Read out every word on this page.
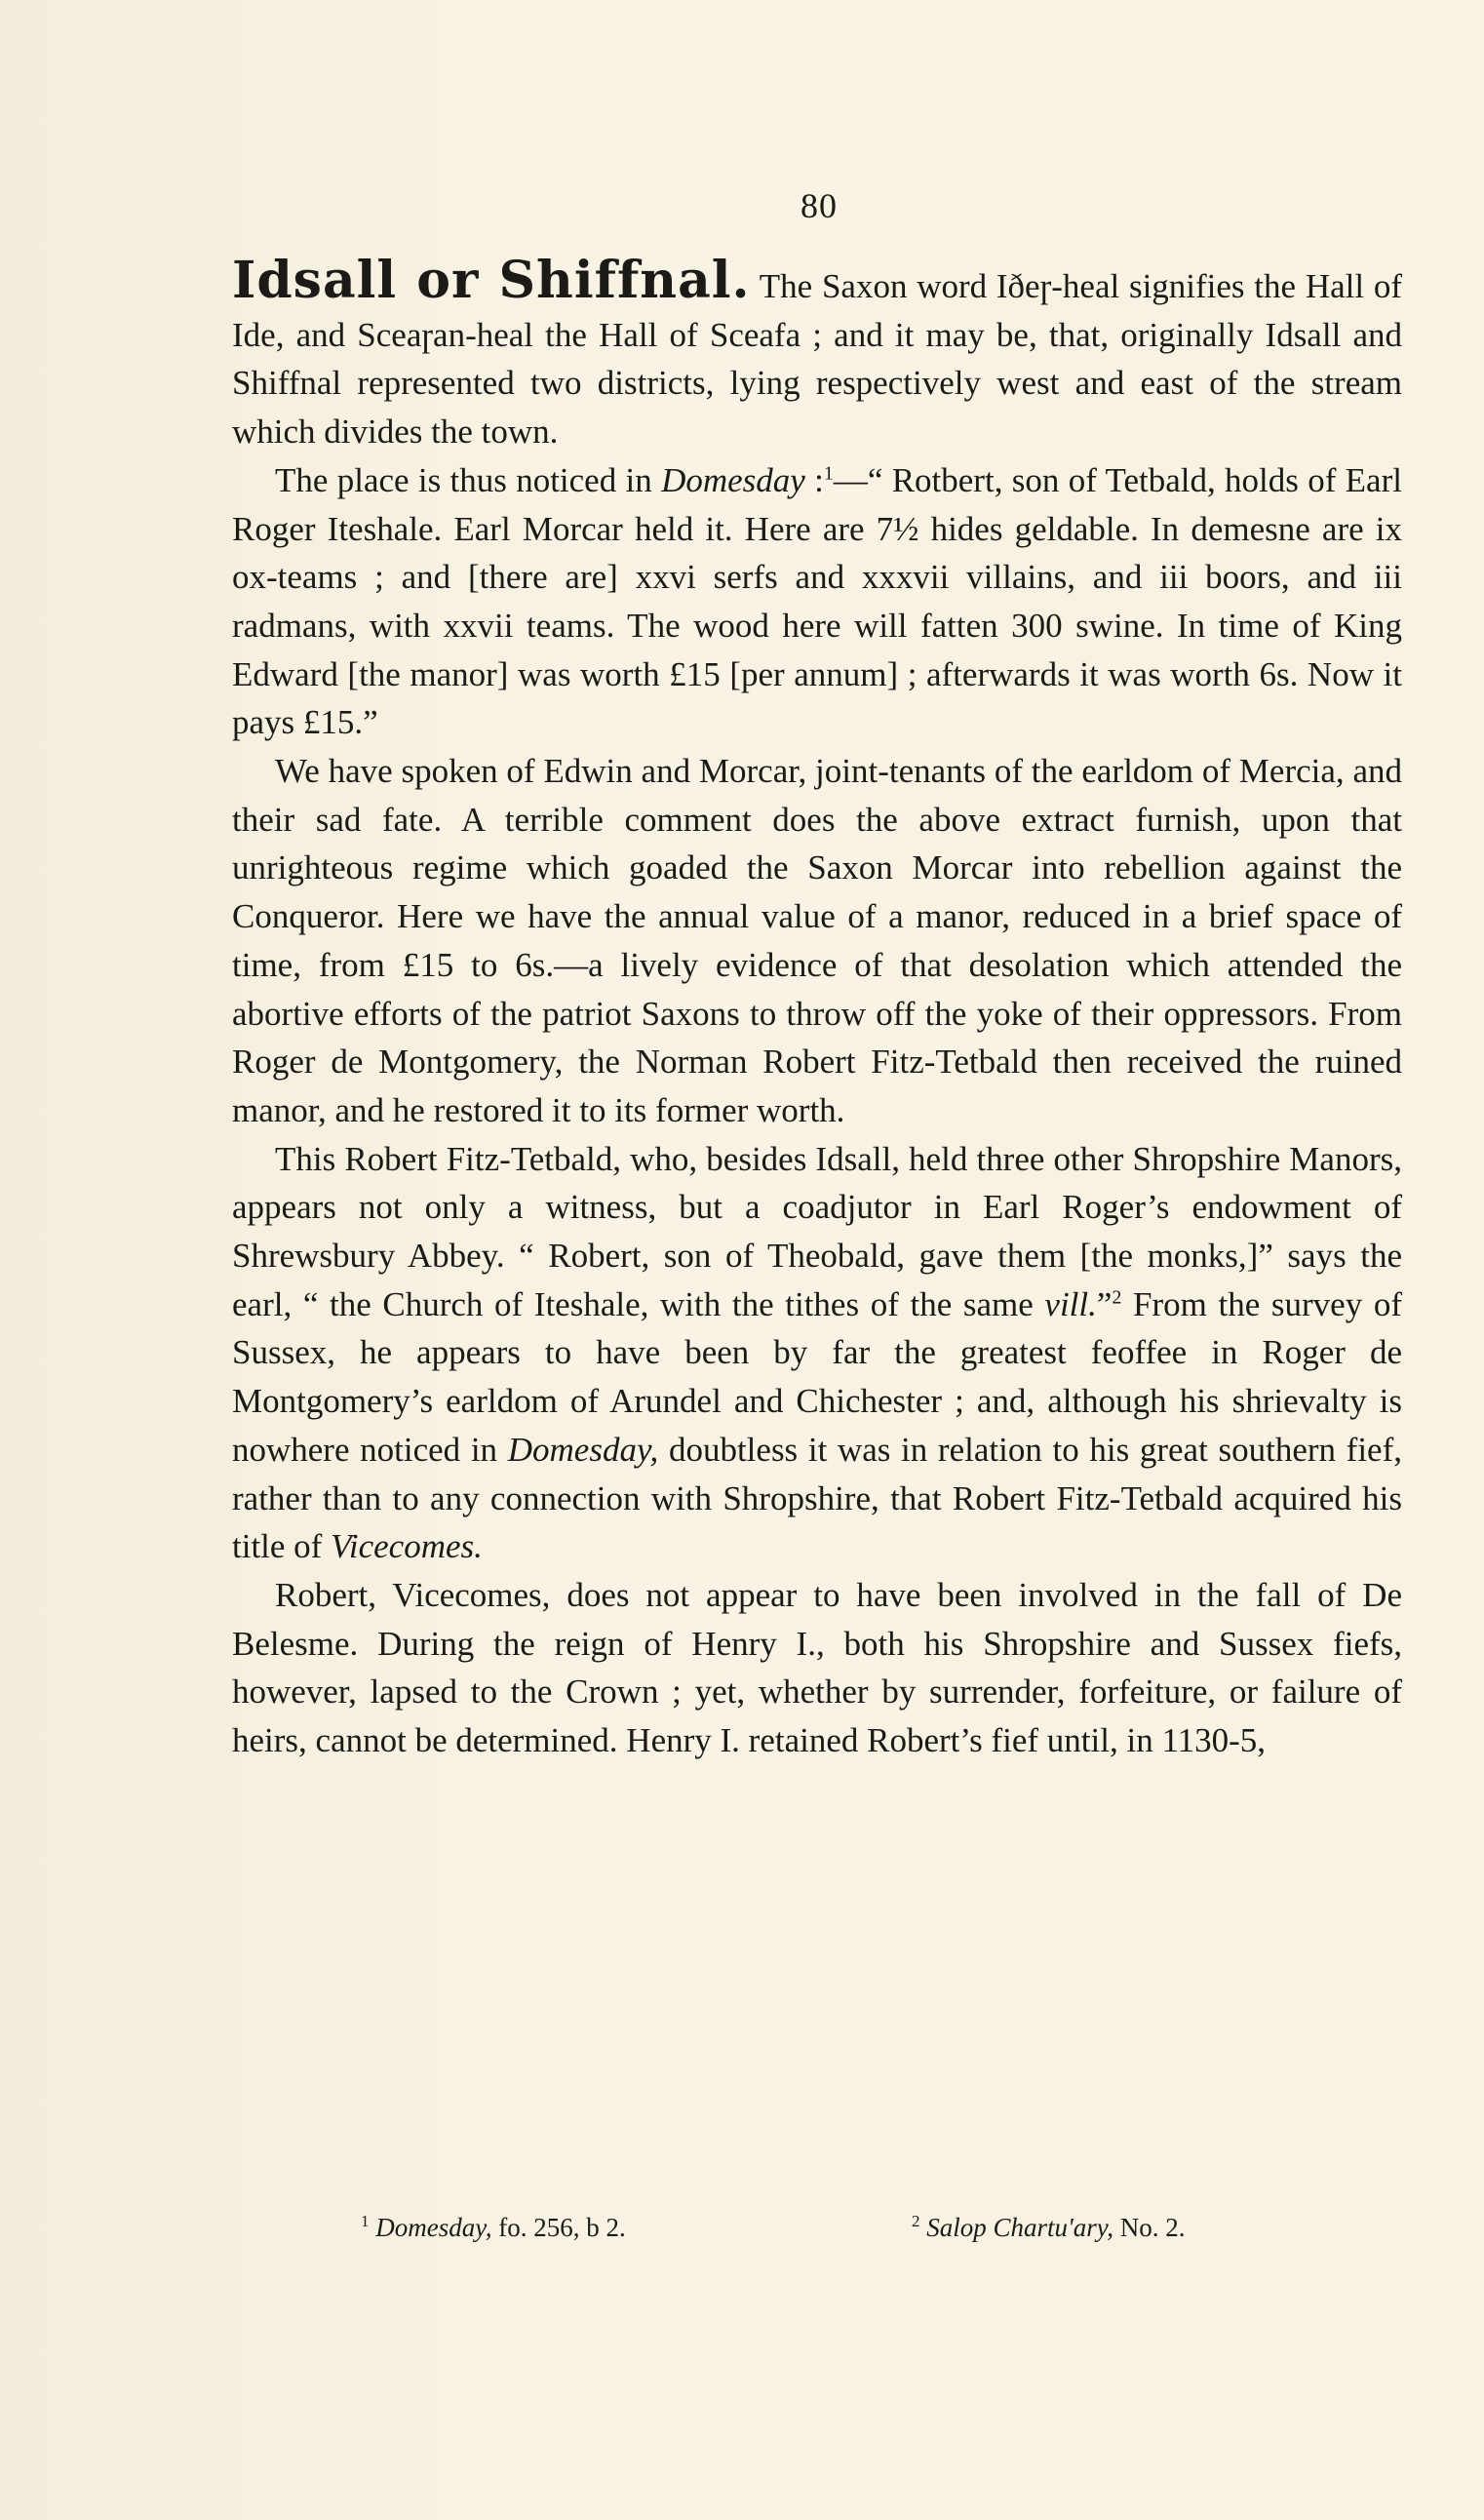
80

Idsall or Shiffnal. The Saxon word Iðeɼ-heal signifies the Hall of Ide, and Sceaɼan-heal the Hall of Sceafa ; and it may be, that, originally Idsall and Shiffnal represented two districts, lying respectively west and east of the stream which divides the town.

The place is thus noticed in Domesday :$^1$—“ Rotbert, son of Tetbald, holds of Earl Roger Iteshale. Earl Morcar held it. Here are 7½ hides geldable. In demesne are ix ox-teams ; and [there are] xxvi serfs and xxxvii villains, and iii boors, and iii radmans, with xxvii teams. The wood here will fatten 300 swine. In time of King Edward [the manor] was worth £15 [per annum] ; afterwards it was worth 6s. Now it pays £15.”

We have spoken of Edwin and Morcar, joint-tenants of the earldom of Mercia, and their sad fate. A terrible comment does the above extract furnish, upon that unrighteous regime which goaded the Saxon Morcar into rebellion against the Conqueror. Here we have the annual value of a manor, reduced in a brief space of time, from £15 to 6s.—a lively evidence of that desolation which attended the abortive efforts of the patriot Saxons to throw off the yoke of their oppressors. From Roger de Montgomery, the Norman Robert Fitz-Tetbald then received the ruined manor, and he restored it to its former worth.

This Robert Fitz-Tetbald, who, besides Idsall, held three other Shropshire Manors, appears not only a witness, but a coadjutor in Earl Roger’s endowment of Shrewsbury Abbey. “ Robert, son of Theobald, gave them [the monks,]” says the earl, “ the Church of Iteshale, with the tithes of the same vill.”$^2$ From the survey of Sussex, he appears to have been by far the greatest feoffee in Roger de Montgomery’s earldom of Arundel and Chichester ; and, although his shrievalty is nowhere noticed in Domesday, doubtless it was in relation to his great southern fief, rather than to any connection with Shropshire, that Robert Fitz-Tetbald acquired his title of Vicecomes.

Robert, Vicecomes, does not appear to have been involved in the fall of De Belesme. During the reign of Henry I., both his Shropshire and Sussex fiefs, however, lapsed to the Crown ; yet, whether by surrender, forfeiture, or failure of heirs, cannot be determined. Henry I. retained Robert’s fief until, in 1130-5,

$^1$ Domesday, fo. 256, b 2.	$^2$ Salop Chartu'ary, No. 2.
